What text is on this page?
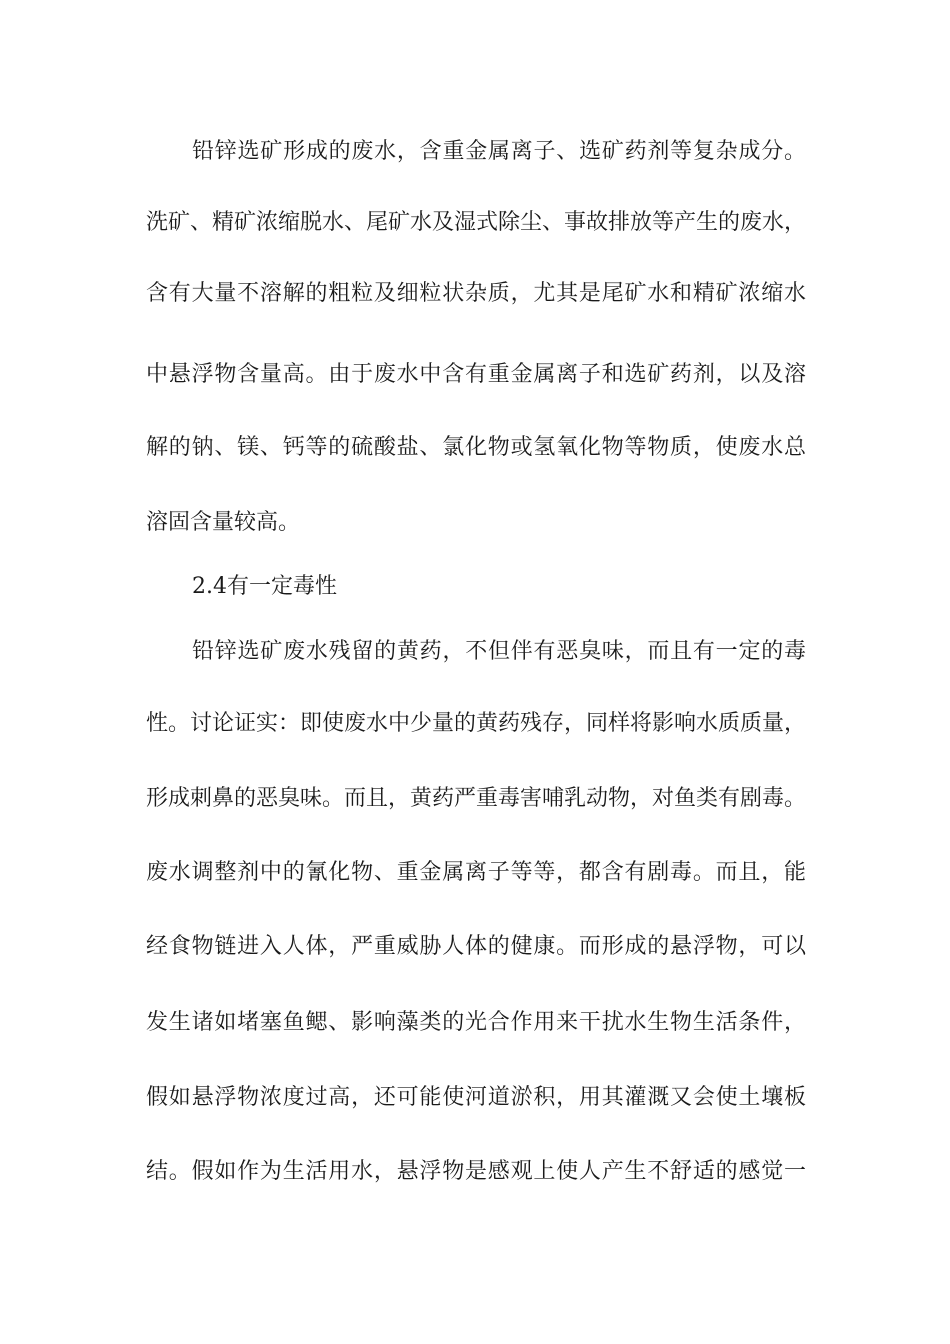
铅锌选矿形成的废水，含重金属离子、选矿药剂等复杂成分。
洗矿、精矿浓缩脱水、尾矿水及湿式除尘、事故排放等产生的废水，
含有大量不溶解的粗粒及细粒状杂质，尤其是尾矿水和精矿浓缩水
中悬浮物含量高。由于废水中含有重金属离子和选矿药剂，以及溶
解的钠、镁、钙等的硫酸盐、氯化物或氢氧化物等物质，使废水总
溶固含量较高。
2.4有一定毒性
铅锌选矿废水残留的黄药，不但伴有恶臭味，而且有一定的毒
性。讨论证实：即使废水中少量的黄药残存，同样将影响水质质量，
形成刺鼻的恶臭味。而且，黄药严重毒害哺乳动物，对鱼类有剧毒。
废水调整剂中的氰化物、重金属离子等等，都含有剧毒。而且，能
经食物链进入人体，严重威胁人体的健康。而形成的悬浮物，可以
发生诸如堵塞鱼鳃、影响藻类的光合作用来干扰水生物生活条件，
假如悬浮物浓度过高，还可能使河道淤积，用其灌溉又会使土壤板
结。假如作为生活用水，悬浮物是感观上使人产生不舒适的感觉一
